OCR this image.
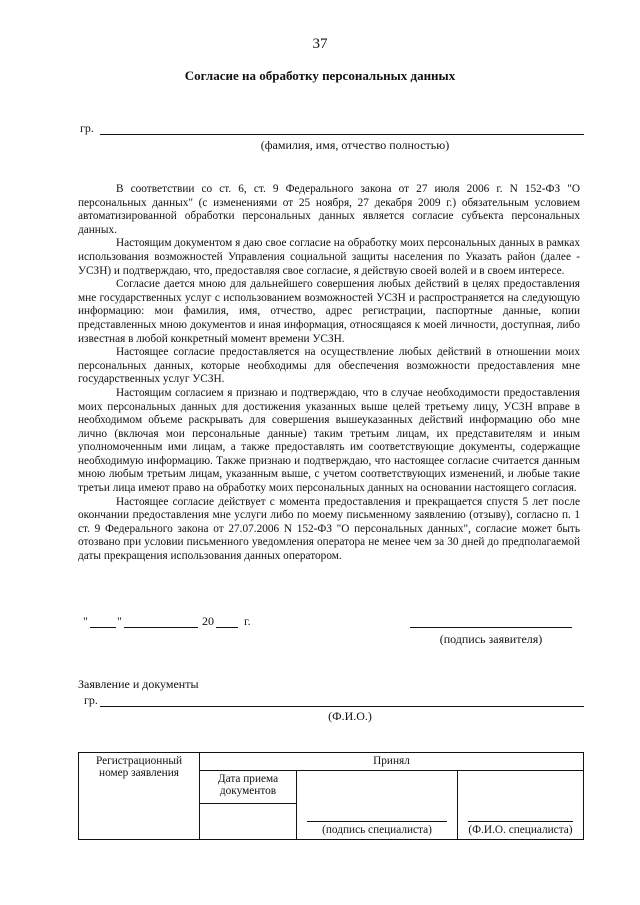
37
Согласие на обработку персональных данных
гр.
(фамилия, имя, отчество полностью)

В соответствии со ст. 6, ст. 9 Федерального закона от 27 июля 2006 г. N 152-ФЗ "О персональных данных" (с изменениями от 25 ноября, 27 декабря 2009 г.) обязательным условием автоматизированной обработки персональных данных является согласие субъекта персональных данных.

Настоящим документом я даю свое согласие на обработку моих персональных данных в рамках использования возможностей Управления социальной защиты населения по Указать район (далее - УСЗН) и подтверждаю, что, предоставляя свое согласие, я действую своей волей и в своем интересе.

Согласие дается мною для дальнейшего совершения любых действий в целях предоставления мне государственных услуг с использованием возможностей УСЗН и распространяется на следующую информацию: мои фамилия, имя, отчество, адрес регистрации, паспортные данные, копии представленных мною документов и иная информация, относящаяся к моей личности, доступная, либо известная в любой конкретный момент времени УСЗН.

Настоящее согласие предоставляется на осуществление любых действий в отношении моих персональных данных, которые необходимы для обеспечения возможности предоставления мне государственных услуг УСЗН.

Настоящим согласием я признаю и подтверждаю, что в случае необходимости предоставления моих персональных данных для достижения указанных выше целей третьему лицу, УСЗН вправе в необходимом объеме раскрывать для совершения вышеуказанных действий информацию обо мне лично (включая мои персональные данные) таким третьим лицам, их представителям и иным уполномоченным ими лицам, а также предоставлять им соответствующие документы, содержащие необходимую информацию. Также признаю и подтверждаю, что настоящее согласие считается данным мною любым третьим лицам, указанным выше, с учетом соответствующих изменений, и любые такие третьи лица имеют право на обработку моих персональных данных на основании настоящего согласия.

Настоящее согласие действует с момента предоставления и прекращается спустя 5 лет после окончании предоставления мне услуги либо по моему письменному заявлению (отзыву), согласно п. 1 ст. 9 Федерального закона от 27.07.2006 N 152-ФЗ "О персональных данных", согласие может быть отозвано при условии письменного уведомления оператора не менее чем за 30 дней до предполагаемой даты прекращения использования данных оператором.

" "	20	г.
(подпись заявителя)
Заявление и документы
гр.
(Ф.И.О.)
Регистрационный номер заявления	Принял		
	Дата приема документов	(подпись специалиста)	(Ф.И.О. специалиста)
